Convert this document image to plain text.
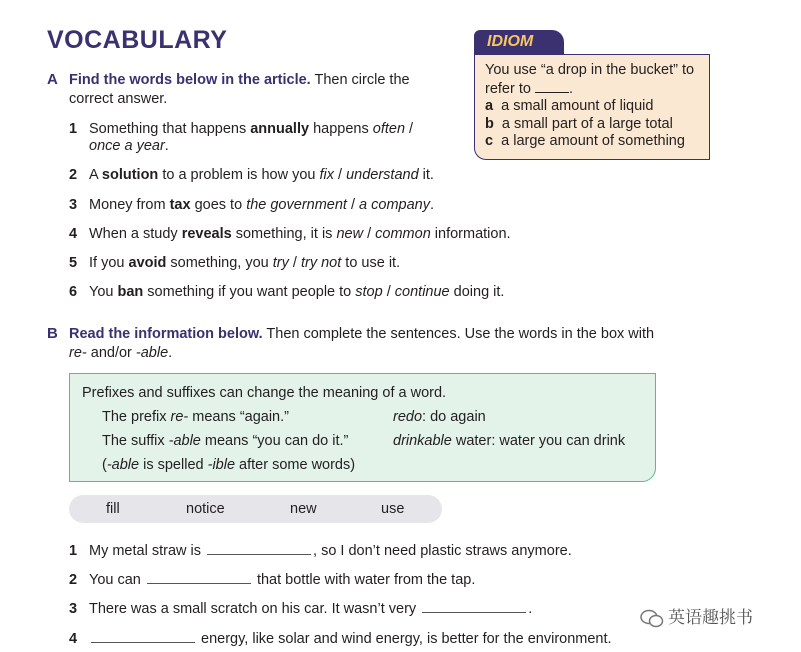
VOCABULARY
A Find the words below in the article. Then circle the
correct answer.
1 Something that happens annually happens often /
once a year.
2 A solution to a problem is how you fix / understand it.
3 Money from tax goes to the government / a company.
4 When a study reveals something, it is new / common information.
5 If you avoid something, you try / try not to use it.
6 You ban something if you want people to stop / continue doing it.
IDIOM
You use “a drop in the bucket” to
refer to	.
a a small amount of liquid
b a small part of a large total
c a large amount of something
B Read the information below. Then complete the sentences. Use the words in the box with
re- and/or -able.
Prefixes and suffixes can change the meaning of a word.
The prefix re- means “again.”	redo: do again
The suffix -able means “you can do it.”	drinkable water: water you can drink
(-able is spelled -ible after some words)
fill	notice	new	use
1 My metal straw is	, so I don’t need plastic straws anymore.
2 You can	that bottle with water from the tap.
3 There was a small scratch on his car. It wasn’t very	.
4	energy, like solar and wind energy, is better for the environment.
英语趣挑书
